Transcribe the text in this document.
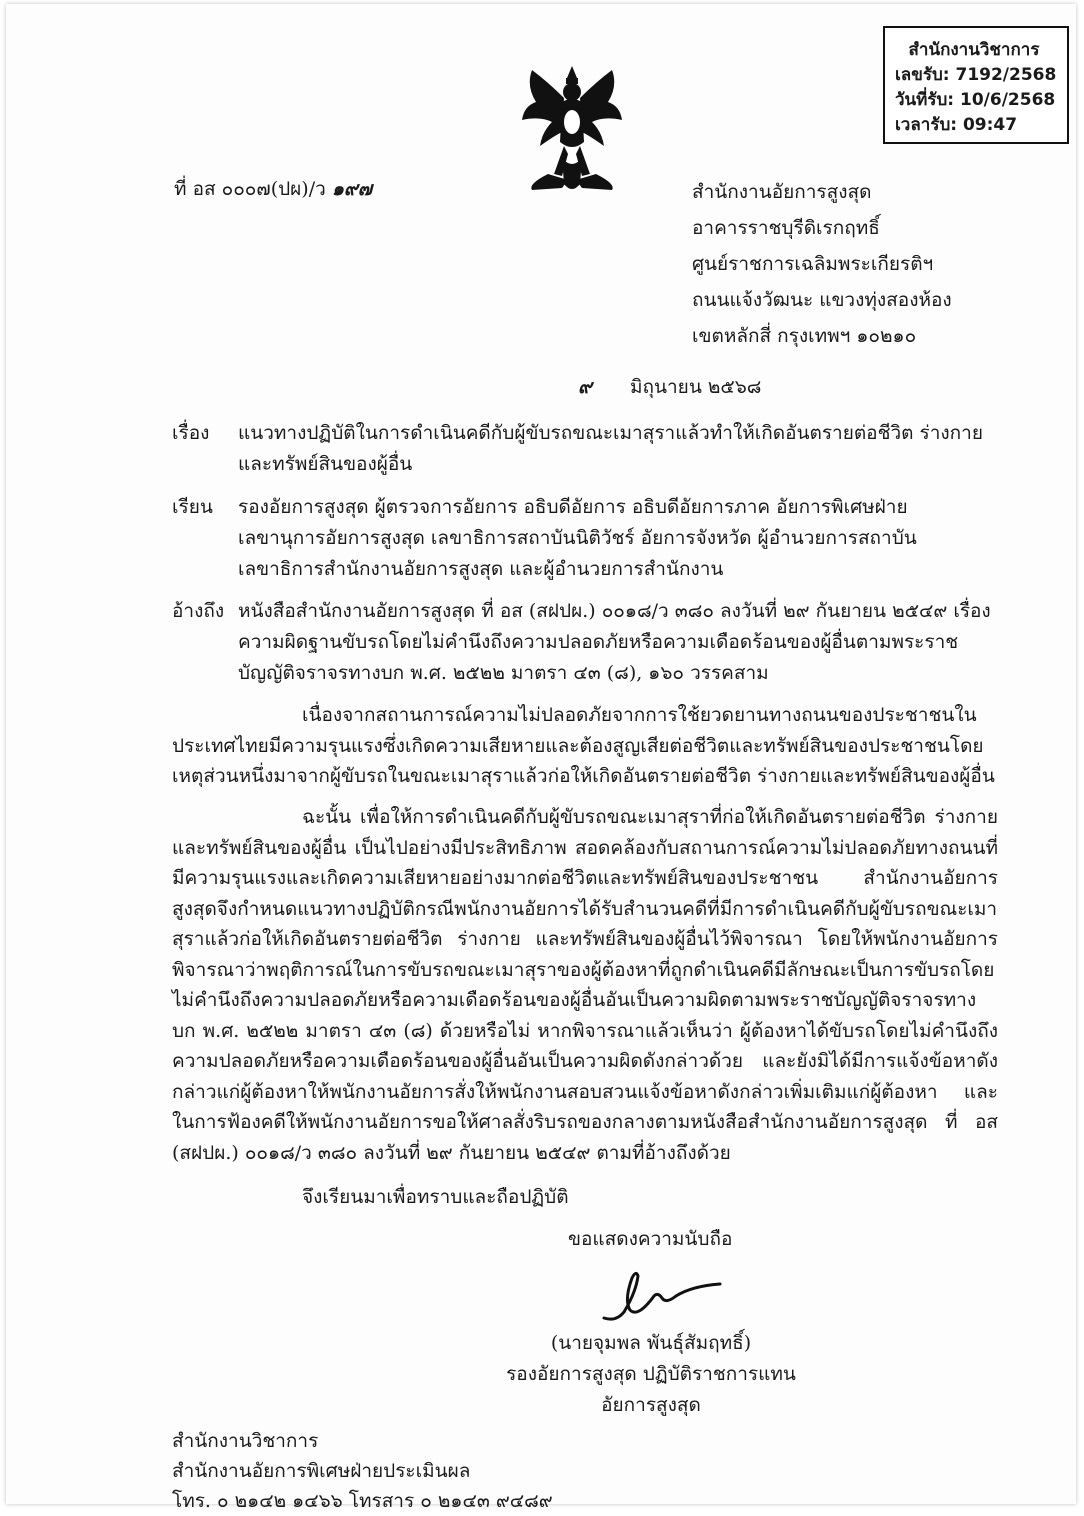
สำนักงานวิชาการ
เลขรับ: 7192/2568
วันที่รับ: 10/6/2568
เวลารับ: 09:47
ที่ อส ๐๐๐๗(ปผ)/ว ๑๙๗	สำนักงานอัยการสูงสุด
อาคารราชบุรีดิเรกฤทธิ์
ศูนย์ราชการเฉลิมพระเกียรติฯ
ถนนแจ้งวัฒนะ แขวงทุ่งสองห้อง
เขตหลักสี่ กรุงเทพฯ ๑๐๒๑๐
๙ มิถุนายน ๒๕๖๘
เรื่อง แนวทางปฏิบัติในการดำเนินคดีกับผู้ขับรถขณะเมาสุราแล้วทำให้เกิดอันตรายต่อชีวิต ร่างกาย และทรัพย์สินของผู้อื่น
เรียน รองอัยการสูงสุด ผู้ตรวจการอัยการ อธิบดีอัยการ อธิบดีอัยการภาค อัยการพิเศษฝ่าย เลขานุการอัยการสูงสุด เลขาธิการสถาบันนิติวัชร์ อัยการจังหวัด ผู้อำนวยการสถาบัน เลขาธิการสำนักงานอัยการสูงสุด และผู้อำนวยการสำนักงาน
อ้างถึง หนังสือสำนักงานอัยการสูงสุด ที่ อส (สฝปผ.) ๐๐๑๘/ว ๓๘๐ ลงวันที่ ๒๙ กันยายน ๒๕๔๙ เรื่อง ความผิดฐานขับรถโดยไม่คำนึงถึงความปลอดภัยหรือความเดือดร้อนของผู้อื่นตามพระราชบัญญัติจราจรทางบก พ.ศ. ๒๕๒๒ มาตรา ๔๓ (๘), ๑๖๐ วรรคสาม
เนื่องจากสถานการณ์ความไม่ปลอดภัยจากการใช้ยวดยานทางถนนของประชาชนในประเทศไทยมีความรุนแรงซึ่งเกิดความเสียหายและต้องสูญเสียต่อชีวิตและทรัพย์สินของประชาชนโดยเหตุส่วนหนึ่งมาจากผู้ขับรถในขณะเมาสุราแล้วก่อให้เกิดอันตรายต่อชีวิต ร่างกายและทรัพย์สินของผู้อื่น
ฉะนั้น เพื่อให้การดำเนินคดีกับผู้ขับรถขณะเมาสุราที่ก่อให้เกิดอันตรายต่อชีวิต ร่างกายและทรัพย์สินของผู้อื่น เป็นไปอย่างมีประสิทธิภาพ สอดคล้องกับสถานการณ์ความไม่ปลอดภัยทางถนนที่มีความรุนแรงและเกิดความเสียหายอย่างมากต่อชีวิตและทรัพย์สินของประชาชน สำนักงานอัยการสูงสุดจึงกำหนดแนวทางปฏิบัติกรณีพนักงานอัยการได้รับสำนวนคดีที่มีการดำเนินคดีกับผู้ขับรถขณะเมาสุราแล้วก่อให้เกิดอันตรายต่อชีวิต ร่างกาย และทรัพย์สินของผู้อื่นไว้พิจารณา โดยให้พนักงานอัยการพิจารณาว่าพฤติการณ์ในการขับรถขณะเมาสุราของผู้ต้องหาที่ถูกดำเนินคดีมีลักษณะเป็นการขับรถโดยไม่คำนึงถึงความปลอดภัยหรือความเดือดร้อนของผู้อื่นอันเป็นความผิดตามพระราชบัญญัติจราจรทางบก พ.ศ. ๒๕๒๒ มาตรา ๔๓ (๘) ด้วยหรือไม่ หากพิจารณาแล้วเห็นว่า ผู้ต้องหาได้ขับรถโดยไม่คำนึงถึงความปลอดภัยหรือความเดือดร้อนของผู้อื่นอันเป็นความผิดดังกล่าวด้วย และยังมิได้มีการแจ้งข้อหาดังกล่าวแก่ผู้ต้องหาให้พนักงานอัยการสั่งให้พนักงานสอบสวนแจ้งข้อหาดังกล่าวเพิ่มเติมแก่ผู้ต้องหา และในการฟ้องคดีให้พนักงานอัยการขอให้ศาลสั่งริบรถของกลางตามหนังสือสำนักงานอัยการสูงสุด ที่ อส (สฝปผ.) ๐๐๑๘/ว ๓๘๐ ลงวันที่ ๒๙ กันยายน ๒๕๔๙ ตามที่อ้างถึงด้วย
จึงเรียนมาเพื่อทราบและถือปฏิบัติ
ขอแสดงความนับถือ
(นายจุมพล พันธุ์สัมฤทธิ์)
รองอัยการสูงสุด ปฏิบัติราชการแทน
อัยการสูงสุด
สำนักงานวิชาการ
สำนักงานอัยการพิเศษฝ่ายประเมินผล
โทร. ๐ ๒๑๔๒ ๑๔๖๖ โทรสาร ๐ ๒๑๔๓ ๙๔๘๙
